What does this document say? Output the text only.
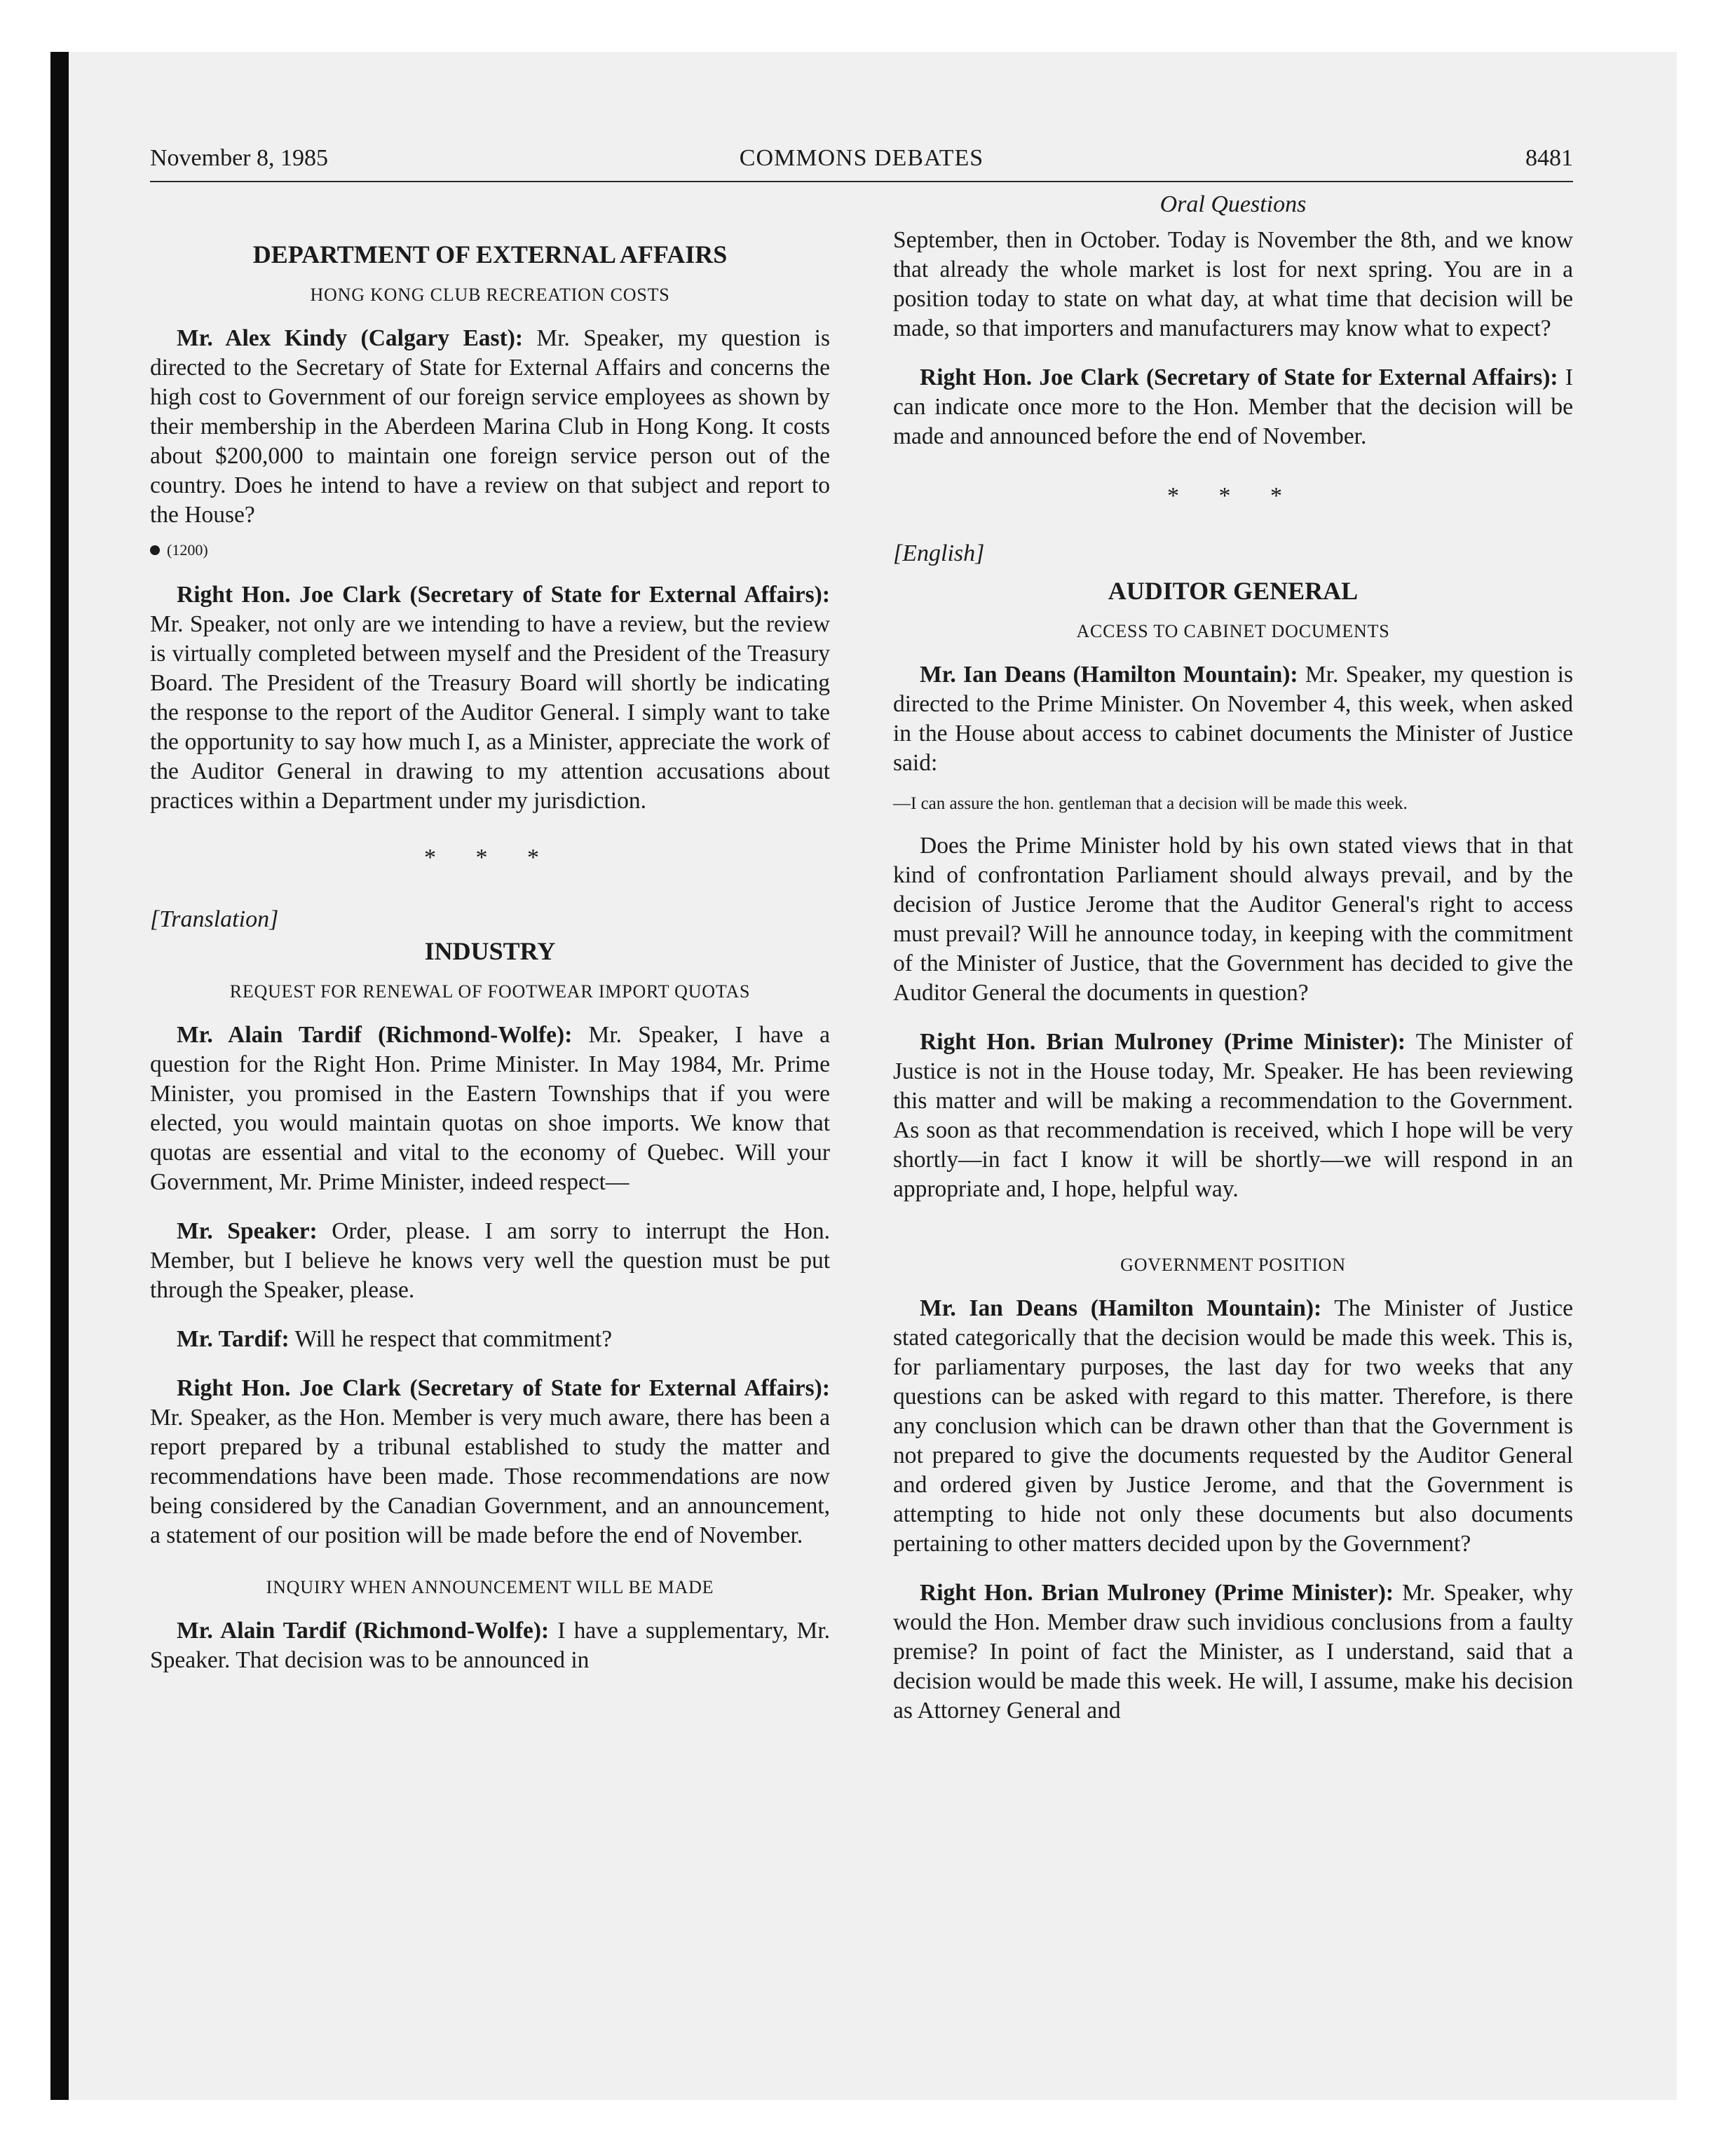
November 8, 1985	COMMONS DEBATES	8481
DEPARTMENT OF EXTERNAL AFFAIRS
HONG KONG CLUB RECREATION COSTS

Mr. Alex Kindy (Calgary East): Mr. Speaker, my question is directed to the Secretary of State for External Affairs and concerns the high cost to Government of our foreign service employees as shown by their membership in the Aberdeen Marina Club in Hong Kong. It costs about $200,000 to maintain one foreign service person out of the country. Does he intend to have a review on that subject and report to the House?

(1200)

Right Hon. Joe Clark (Secretary of State for External Affairs): Mr. Speaker, not only are we intending to have a review, but the review is virtually completed between myself and the President of the Treasury Board. The President of the Treasury Board will shortly be indicating the response to the report of the Auditor General. I simply want to take the opportunity to say how much I, as a Minister, appreciate the work of the Auditor General in drawing to my attention accusations about practices within a Department under my jurisdiction.

* * *
[Translation]
INDUSTRY
REQUEST FOR RENEWAL OF FOOTWEAR IMPORT QUOTAS

Mr. Alain Tardif (Richmond-Wolfe): Mr. Speaker, I have a question for the Right Hon. Prime Minister. In May 1984, Mr. Prime Minister, you promised in the Eastern Townships that if you were elected, you would maintain quotas on shoe imports. We know that quotas are essential and vital to the economy of Quebec. Will your Government, Mr. Prime Minister, indeed respect—

Mr. Speaker: Order, please. I am sorry to interrupt the Hon. Member, but I believe he knows very well the question must be put through the Speaker, please.

Mr. Tardif: Will he respect that commitment?

Right Hon. Joe Clark (Secretary of State for External Affairs): Mr. Speaker, as the Hon. Member is very much aware, there has been a report prepared by a tribunal established to study the matter and recommendations have been made. Those recommendations are now being considered by the Canadian Government, and an announcement, a statement of our position will be made before the end of November.

INQUIRY WHEN ANNOUNCEMENT WILL BE MADE

Mr. Alain Tardif (Richmond-Wolfe): I have a supplementary, Mr. Speaker. That decision was to be announced in

Oral Questions

September, then in October. Today is November the 8th, and we know that already the whole market is lost for next spring. You are in a position today to state on what day, at what time that decision will be made, so that importers and manufacturers may know what to expect?

Right Hon. Joe Clark (Secretary of State for External Affairs): I can indicate once more to the Hon. Member that the decision will be made and announced before the end of November.

* * *
[English]
AUDITOR GENERAL
ACCESS TO CABINET DOCUMENTS

Mr. Ian Deans (Hamilton Mountain): Mr. Speaker, my question is directed to the Prime Minister. On November 4, this week, when asked in the House about access to cabinet documents the Minister of Justice said:

—I can assure the hon. gentleman that a decision will be made this week.

Does the Prime Minister hold by his own stated views that in that kind of confrontation Parliament should always prevail, and by the decision of Justice Jerome that the Auditor General's right to access must prevail? Will he announce today, in keeping with the commitment of the Minister of Justice, that the Government has decided to give the Auditor General the documents in question?

Right Hon. Brian Mulroney (Prime Minister): The Minister of Justice is not in the House today, Mr. Speaker. He has been reviewing this matter and will be making a recommendation to the Government. As soon as that recommendation is received, which I hope will be very shortly—in fact I know it will be shortly—we will respond in an appropriate and, I hope, helpful way.

GOVERNMENT POSITION

Mr. Ian Deans (Hamilton Mountain): The Minister of Justice stated categorically that the decision would be made this week. This is, for parliamentary purposes, the last day for two weeks that any questions can be asked with regard to this matter. Therefore, is there any conclusion which can be drawn other than that the Government is not prepared to give the documents requested by the Auditor General and ordered given by Justice Jerome, and that the Government is attempting to hide not only these documents but also documents pertaining to other matters decided upon by the Government?

Right Hon. Brian Mulroney (Prime Minister): Mr. Speaker, why would the Hon. Member draw such invidious conclusions from a faulty premise? In point of fact the Minister, as I understand, said that a decision would be made this week. He will, I assume, make his decision as Attorney General and
